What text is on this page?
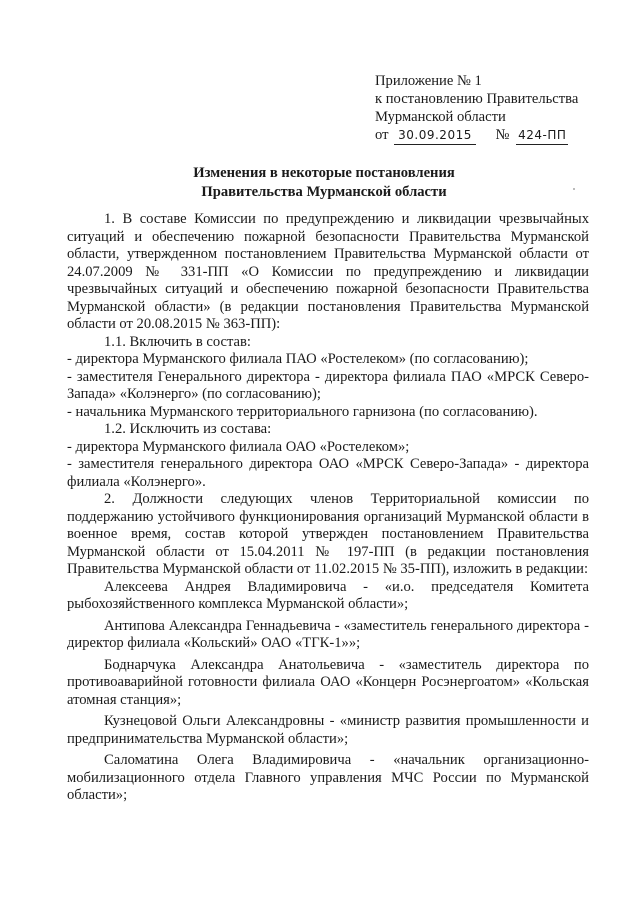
Приложение № 1
к постановлению Правительства
Мурманской области
от 30.09.2015 № 424-ПП
Изменения в некоторые постановления
Правительства Мурманской области

1. В составе Комиссии по предупреждению и ликвидации чрезвычайных ситуаций и обеспечению пожарной безопасности Правительства Мурманской области, утвержденном постановлением Правительства Мурманской области от 24.07.2009 № 331-ПП «О Комиссии по предупреждению и ликвидации чрезвычайных ситуаций и обеспечению пожарной безопасности Правительства Мурманской области» (в редакции постановления Правительства Мурманской области от 20.08.2015 № 363-ПП):

1.1. Включить в состав:

- директора Мурманского филиала ПАО «Ростелеком» (по согласованию);

- заместителя Генерального директора - директора филиала ПАО «МРСК Северо-Запада» «Колэнерго» (по согласованию);

- начальника Мурманского территориального гарнизона (по согласованию).

1.2. Исключить из состава:

- директора Мурманского филиала ОАО «Ростелеком»;

- заместителя генерального директора ОАО «МРСК Северо-Запада» - директора филиала «Колэнерго».

2. Должности следующих членов Территориальной комиссии по поддержанию устойчивого функционирования организаций Мурманской области в военное время, состав которой утвержден постановлением Правительства Мурманской области от 15.04.2011 № 197-ПП (в редакции постановления Правительства Мурманской области от 11.02.2015 № 35-ПП), изложить в редакции:

Алексеева Андрея Владимировича - «и.о. председателя Комитета рыбохозяйственного комплекса Мурманской области»;

Антипова Александра Геннадьевича - «заместитель генерального директора - директор филиала «Кольский» ОАО «ТГК-1»»;

Боднарчука Александра Анатольевича - «заместитель директора по противоаварийной готовности филиала ОАО «Концерн Росэнергоатом» «Кольская атомная станция»;

Кузнецовой Ольги Александровны - «министр развития промышленности и предпринимательства Мурманской области»;

Саломатина Олега Владимировича - «начальник организационно-мобилизационного отдела Главного управления МЧС России по Мурманской области»;
